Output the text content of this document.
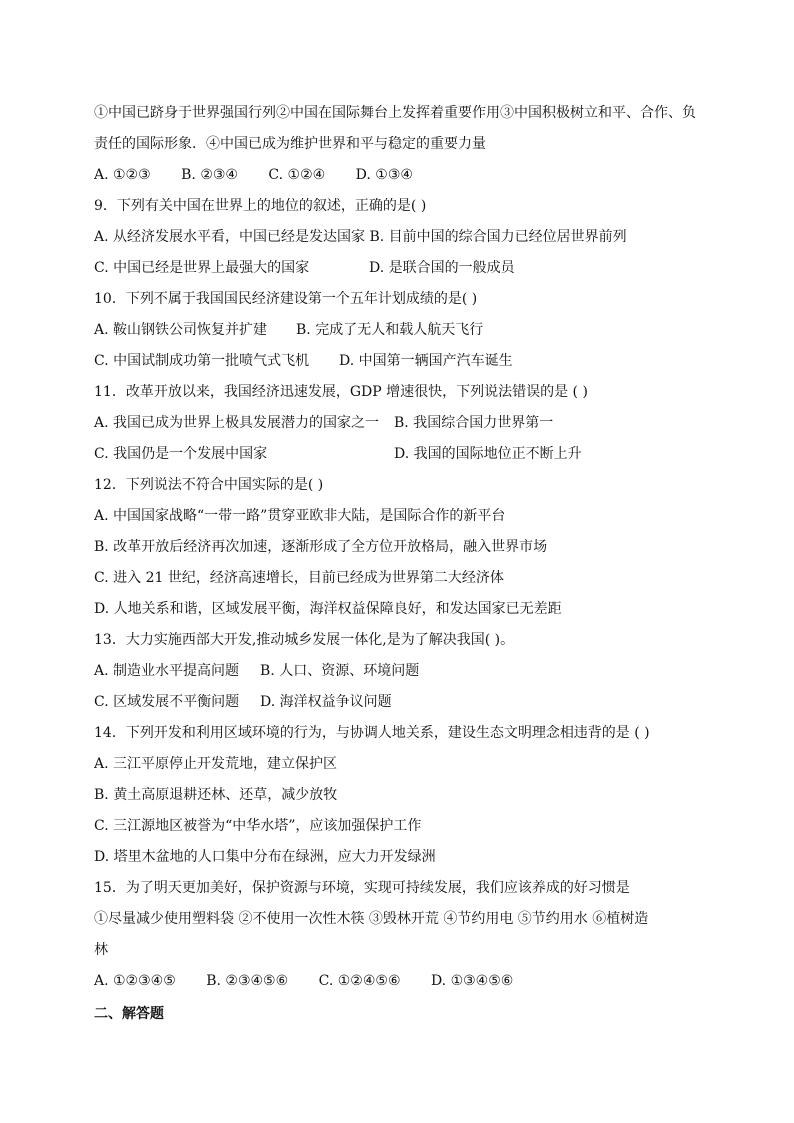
①中国已跻身于世界强国行列②中国在国际舞台上发挥着重要作用③中国积极树立和平、合作、负
责任的国际形象．④中国已成为维护世界和平与稳定的重要力量
A. ①②③ B. ②③④ C. ①②④ D. ①③④
9．下列有关中国在世界上的地位的叙述，正确的是( )
A. 从经济发展水平看，中国已经是发达国家 B. 目前中国的综合国力已经位居世界前列
C. 中国已经是世界上最强大的国家	D. 是联合国的一般成员
10．下列不属于我国国民经济建设第一个五年计划成绩的是( )
A. 鞍山钢铁公司恢复并扩建	B. 完成了无人和载人航天飞行
C. 中国试制成功第一批喷气式飞机	D. 中国第一辆国产汽车诞生
11．改革开放以来，我国经济迅速发展，GDP 增速很快，下列说法错误的是 ( )
A. 我国已成为世界上极具发展潜力的国家之一	B. 我国综合国力世界第一
C. 我国仍是一个发展中国家	D. 我国的国际地位正不断上升
12．下列说法不符合中国实际的是( )
A. 中国国家战略“一带一路”贯穿亚欧非大陆，是国际合作的新平台
B. 改革开放后经济再次加速，逐渐形成了全方位开放格局，融入世界市场
C. 进入 21 世纪，经济高速增长，目前已经成为世界第二大经济体
D. 人地关系和谐，区域发展平衡，海洋权益保障良好，和发达国家已无差距
13．大力实施西部大开发,推动城乡发展一体化,是为了解决我国( )。
A. 制造业水平提高问题	B. 人口、资源、环境问题
C. 区域发展不平衡问题	D. 海洋权益争议问题
14．下列开发和利用区域环境的行为，与协调人地关系，建设生态文明理念相违背的是 ( )
A. 三江平原停止开发荒地，建立保护区
B. 黄土高原退耕还林、还草，减少放牧
C. 三江源地区被誉为“中华水塔”，应该加强保护工作
D. 塔里木盆地的人口集中分布在绿洲，应大力开发绿洲
15．为了明天更加美好，保护资源与环境，实现可持续发展，我们应该养成的好习惯是
①尽量减少使用塑料袋 ②不使用一次性木筷 ③毁林开荒 ④节约用电 ⑤节约用水 ⑥植树造
林
A. ①②③④⑤ B. ②③④⑤⑥ C. ①②④⑤⑥ D. ①③④⑤⑥
二、解答题
